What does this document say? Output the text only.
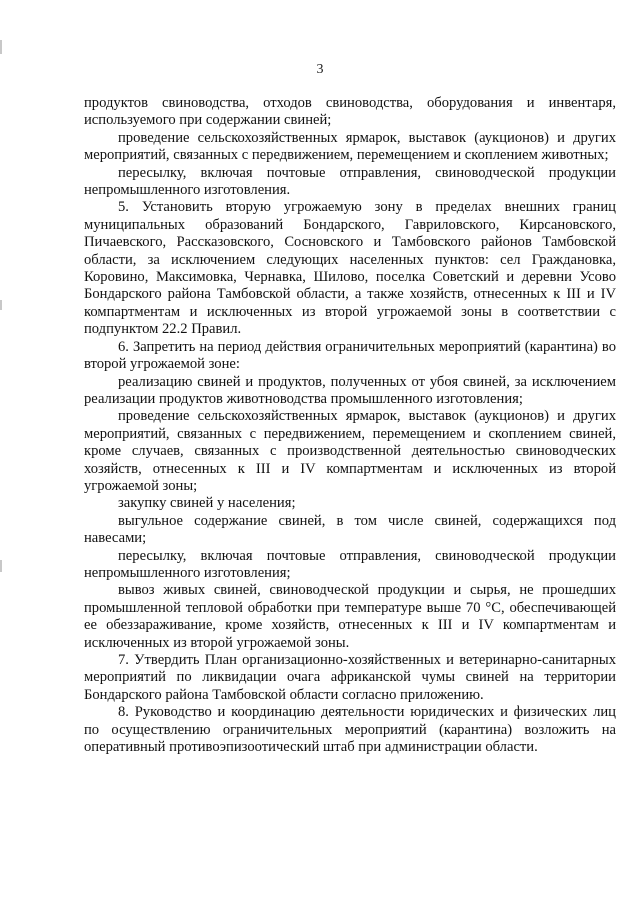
3

продуктов свиноводства, отходов свиноводства, оборудования и инвентаря, используемого при содержании свиней;

проведение сельскохозяйственных ярмарок, выставок (аукционов) и других мероприятий, связанных с передвижением, перемещением и скоплением животных;

пересылку, включая почтовые отправления, свиноводческой продукции непромышленного изготовления.

5. Установить вторую угрожаемую зону в пределах внешних границ муниципальных образований Бондарского, Гавриловского, Кирсановского, Пичаевского, Рассказовского, Сосновского и Тамбовского районов Тамбовской области, за исключением следующих населенных пунктов: сел Граждановка, Коровино, Максимовка, Чернавка, Шилово, поселка Советский и деревни Усово Бондарского района Тамбовской области, а также хозяйств, отнесенных к III и IV компартментам и исключенных из второй угрожаемой зоны в соответствии с подпунктом 22.2 Правил.

6. Запретить на период действия ограничительных мероприятий (карантина) во второй угрожаемой зоне:

реализацию свиней и продуктов, полученных от убоя свиней, за исключением реализации продуктов животноводства промышленного изготовления;

проведение сельскохозяйственных ярмарок, выставок (аукционов) и других мероприятий, связанных с передвижением, перемещением и скоплением свиней, кроме случаев, связанных с производственной деятельностью свиноводческих хозяйств, отнесенных к III и IV компартментам и исключенных из второй угрожаемой зоны;

закупку свиней у населения;

выгульное содержание свиней, в том числе свиней, содержащихся под навесами;

пересылку, включая почтовые отправления, свиноводческой продукции непромышленного изготовления;

вывоз живых свиней, свиноводческой продукции и сырья, не прошедших промышленной тепловой обработки при температуре выше 70 °С, обеспечивающей ее обеззараживание, кроме хозяйств, отнесенных к III и IV компартментам и исключенных из второй угрожаемой зоны.

7. Утвердить План организационно-хозяйственных и ветеринарно-санитарных мероприятий по ликвидации очага африканской чумы свиней на территории Бондарского района Тамбовской области согласно приложению.

8. Руководство и координацию деятельности юридических и физических лиц по осуществлению ограничительных мероприятий (карантина) возложить на оперативный противоэпизоотический штаб при администрации области.
